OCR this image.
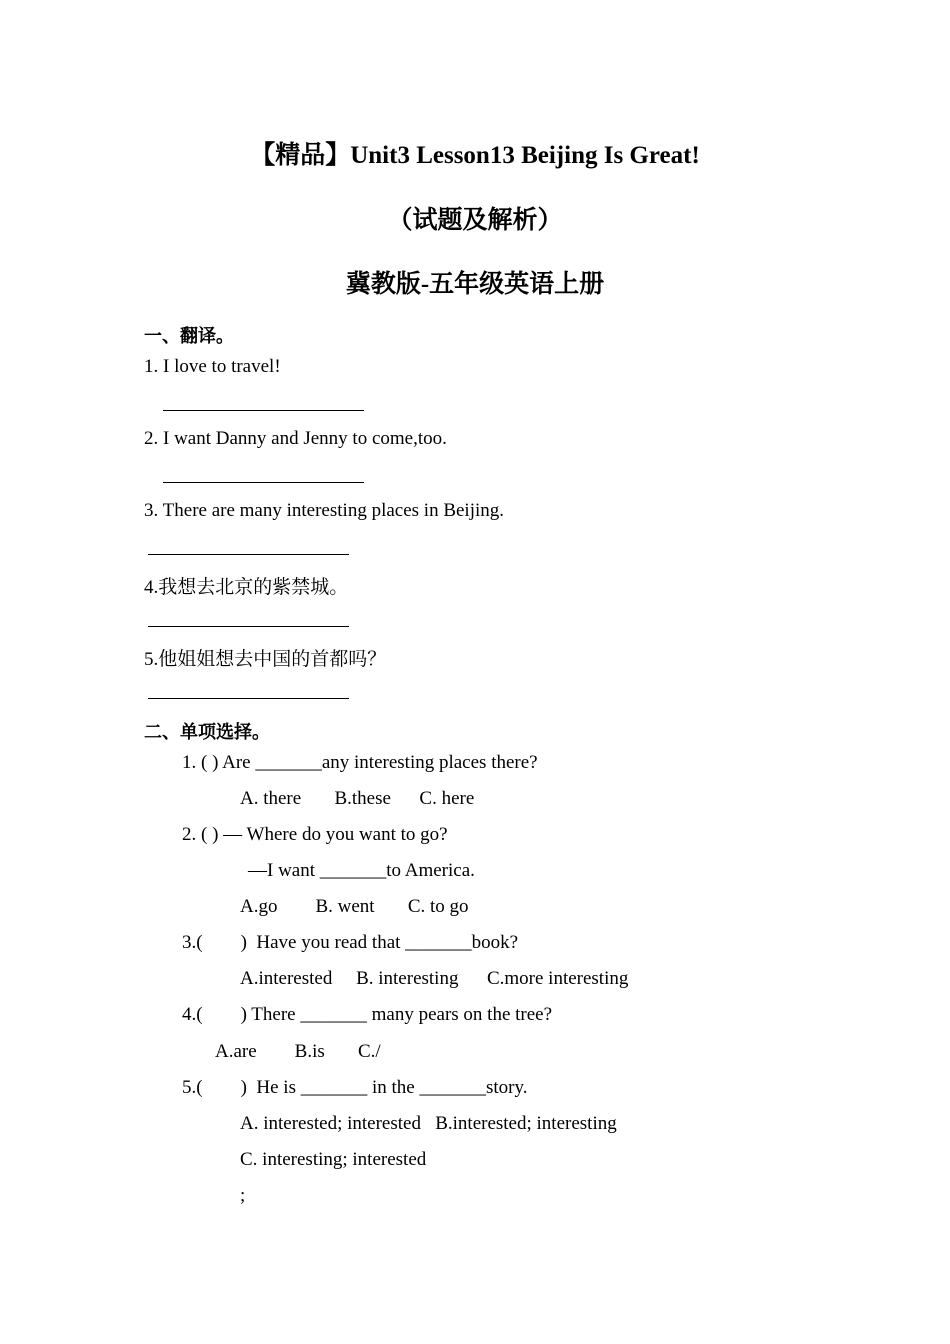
【精品】Unit3 Lesson13 Beijing Is Great!
（试题及解析）
冀教版-五年级英语上册
一、翻译。
1. I love to travel!
2. I want Danny and Jenny to come,too.
3. There are many interesting places in Beijing.
4.我想去北京的紫禁城。
5.他姐姐想去中国的首都吗？
二、单项选择。
1. ( ) Are _______any interesting places there?
A. there       B.these      C. here
2. ( ) — Where do you want to go?
—I want _______to America.
A.go        B. went       C. to go
3.(        )  Have you read that _______book?
A.interested     B. interesting      C.more interesting
4.(        ) There _______ many pears on the tree?
A.are        B.is       C./
5.(        )  He is _______ in the _______story.
A. interested; interested   B.interested; interesting
C. interesting; interested
;
